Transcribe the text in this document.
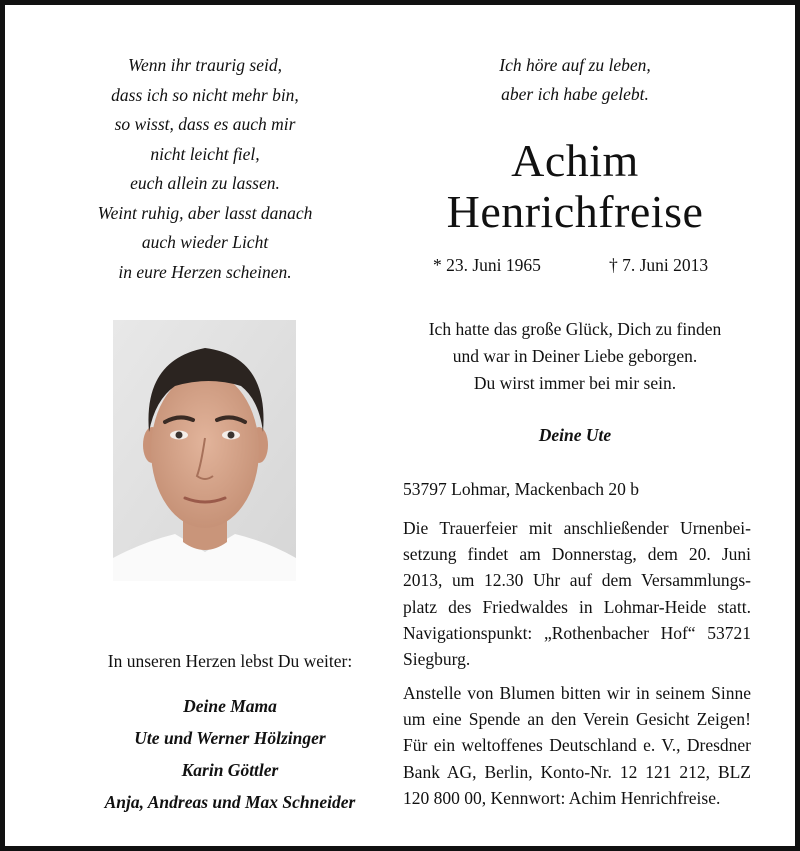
Wenn ihr traurig seid,
dass ich so nicht mehr bin,
so wisst, dass es auch mir
nicht leicht fiel,
euch allein zu lassen.
Weint ruhig, aber lasst danach
auch wieder Licht
in eure Herzen scheinen.
Ich höre auf zu leben,
aber ich habe gelebt.
Achim
Henrichfreise
* 23. Juni 1965	† 7. Juni 2013
Ich hatte das große Glück, Dich zu finden
und war in Deiner Liebe geborgen.
Du wirst immer bei mir sein.
Deine Ute
53797 Lohmar, Mackenbach 20 b
Die Trauerfeier mit anschließender Urnenbei-setzung findet am Donnerstag, dem 20. Juni 2013, um 12.30 Uhr auf dem Versammlungs-platz des Friedwaldes in Lohmar-Heide statt. Navigationspunkt: „Rothenbacher Hof“ 53721 Siegburg.
Anstelle von Blumen bitten wir in seinem Sinne um eine Spende an den Verein Gesicht Zeigen! Für ein weltoffenes Deutschland e. V., Dresdner Bank AG, Berlin, Konto-Nr. 12 121 212, BLZ 120 800 00, Kennwort: Achim Henrichfreise.
In unseren Herzen lebst Du weiter:
Deine Mama
Ute und Werner Hölzinger
Karin Göttler
Anja, Andreas und Max Schneider
